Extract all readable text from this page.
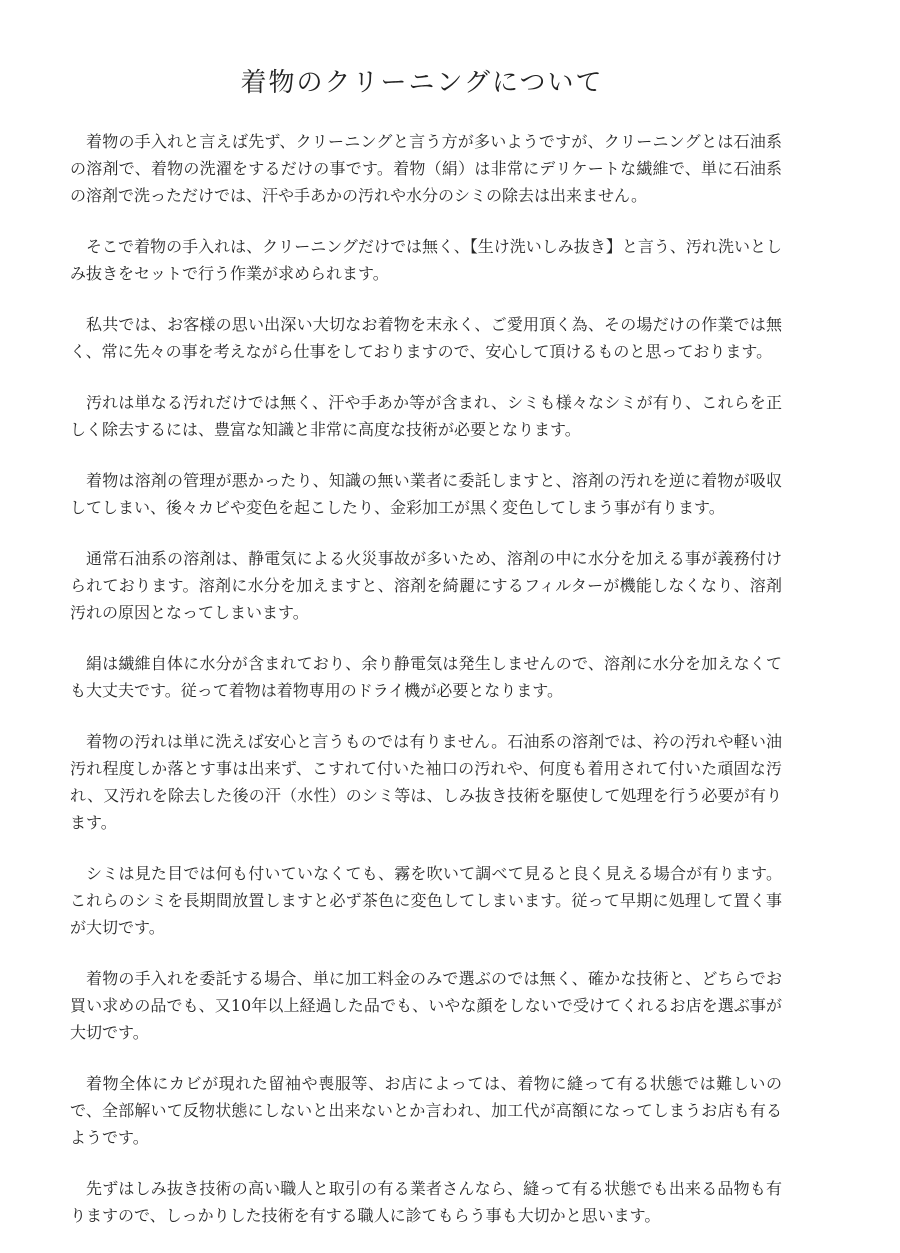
着物のクリーニングについて

着物の手入れと言えば先ず、クリーニングと言う方が多いようですが、クリーニングとは石油系の溶剤で、着物の洗濯をするだけの事です。着物（絹）は非常にデリケートな繊維で、単に石油系の溶剤で洗っただけでは、汗や手あかの汚れや水分のシミの除去は出来ません。

そこで着物の手入れは、クリーニングだけでは無く、【生け洗いしみ抜き】と言う、汚れ洗いとしみ抜きをセットで行う作業が求められます。

私共では、お客様の思い出深い大切なお着物を末永く、ご愛用頂く為、その場だけの作業では無く、常に先々の事を考えながら仕事をしておりますので、安心して頂けるものと思っております。

汚れは単なる汚れだけでは無く、汗や手あか等が含まれ、シミも様々なシミが有り、これらを正しく除去するには、豊富な知識と非常に高度な技術が必要となります。

着物は溶剤の管理が悪かったり、知識の無い業者に委託しますと、溶剤の汚れを逆に着物が吸収してしまい、後々カビや変色を起こしたり、金彩加工が黒く変色してしまう事が有ります。

通常石油系の溶剤は、静電気による火災事故が多いため、溶剤の中に水分を加える事が義務付けられております。溶剤に水分を加えますと、溶剤を綺麗にするフィルターが機能しなくなり、溶剤汚れの原因となってしまいます。

絹は繊維自体に水分が含まれており、余り静電気は発生しませんので、溶剤に水分を加えなくても大丈夫です。従って着物は着物専用のドライ機が必要となります。

着物の汚れは単に洗えば安心と言うものでは有りません。石油系の溶剤では、衿の汚れや軽い油汚れ程度しか落とす事は出来ず、こすれて付いた袖口の汚れや、何度も着用されて付いた頑固な汚れ、又汚れを除去した後の汗（水性）のシミ等は、しみ抜き技術を駆使して処理を行う必要が有ります。

シミは見た目では何も付いていなくても、霧を吹いて調べて見ると良く見える場合が有ります。これらのシミを長期間放置しますと必ず茶色に変色してしまいます。従って早期に処理して置く事が大切です。

着物の手入れを委託する場合、単に加工料金のみで選ぶのでは無く、確かな技術と、どちらでお買い求めの品でも、又10年以上経過した品でも、いやな顔をしないで受けてくれるお店を選ぶ事が大切です。

着物全体にカビが現れた留袖や喪服等、お店によっては、着物に縫って有る状態では難しいので、全部解いて反物状態にしないと出来ないとか言われ、加工代が高額になってしまうお店も有るようです。

先ずはしみ抜き技術の高い職人と取引の有る業者さんなら、縫って有る状態でも出来る品物も有りますので、しっかりした技術を有する職人に診てもらう事も大切かと思います。
